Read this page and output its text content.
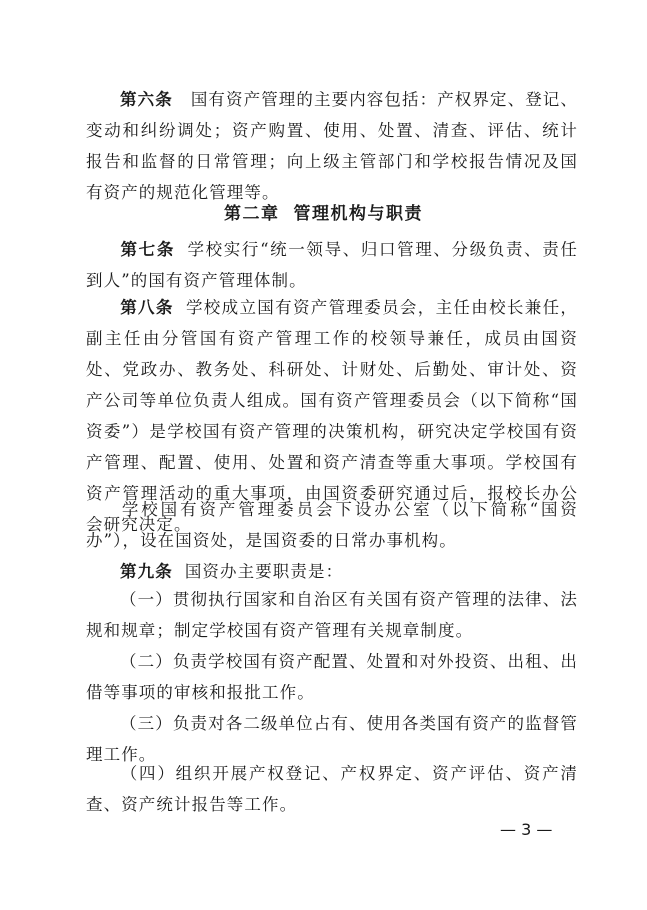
第六条 国有资产管理的主要内容包括：产权界定、登记、变动和纠纷调处；资产购置、使用、处置、清查、评估、统计报告和监督的日常管理；向上级主管部门和学校报告情况及国有资产的规范化管理等。

第二章 管理机构与职责

第七条 学校实行“统一领导、归口管理、分级负责、责任到人”的国有资产管理体制。

第八条 学校成立国有资产管理委员会，主任由校长兼任，副主任由分管国有资产管理工作的校领导兼任，成员由国资处、党政办、教务处、科研处、计财处、后勤处、审计处、资产公司等单位负责人组成。国有资产管理委员会（以下简称“国资委”）是学校国有资产管理的决策机构，研究决定学校国有资产管理、配置、使用、处置和资产清查等重大事项。学校国有资产管理活动的重大事项，由国资委研究通过后，报校长办公会研究决定。

学校国有资产管理委员会下设办公室（以下简称“国资办”），设在国资处，是国资委的日常办事机构。

第九条 国资办主要职责是：

（一）贯彻执行国家和自治区有关国有资产管理的法律、法规和规章；制定学校国有资产管理有关规章制度。

（二）负责学校国有资产配置、处置和对外投资、出租、出借等事项的审核和报批工作。

（三）负责对各二级单位占有、使用各类国有资产的监督管理工作。

（四）组织开展产权登记、产权界定、资产评估、资产清查、资产统计报告等工作。

— 3 —
